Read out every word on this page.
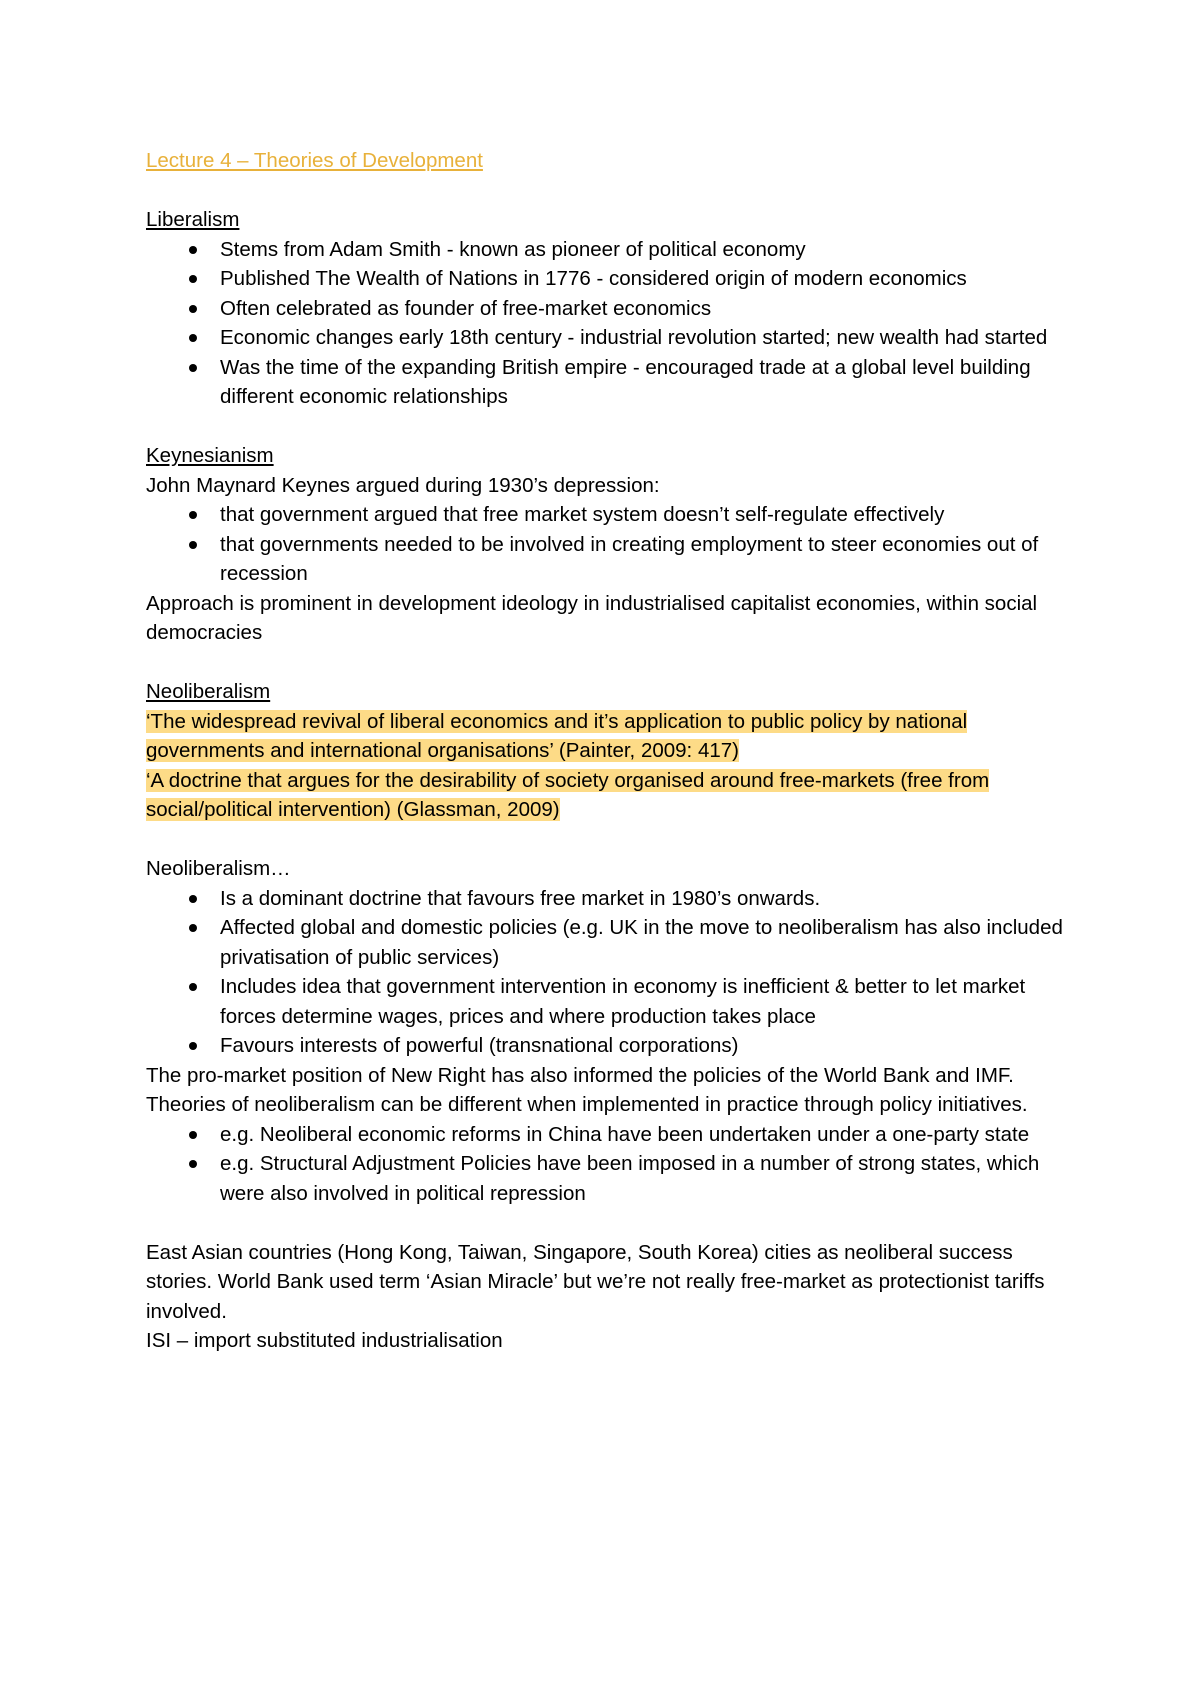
Lecture 4 – Theories of Development

Liberalism

Stems from Adam Smith - known as pioneer of political economy
Published The Wealth of Nations in 1776 - considered origin of modern economics
Often celebrated as founder of free-market economics
Economic changes early 18th century - industrial revolution started; new wealth had started
Was the time of the expanding British empire - encouraged trade at a global level building different economic relationships

Keynesianism

John Maynard Keynes argued during 1930’s depression:

that government argued that free market system doesn’t self-regulate effectively
that governments needed to be involved in creating employment to steer economies out of recession

Approach is prominent in development ideology in industrialised capitalist economies, within social democracies

Neoliberalism

‘The widespread revival of liberal economics and it’s application to public policy by national governments and international organisations’ (Painter, 2009: 417)

‘A doctrine that argues for the desirability of society organised around free-markets (free from social/political intervention) (Glassman, 2009)

Neoliberalism…

Is a dominant doctrine that favours free market in 1980’s onwards.
Affected global and domestic policies (e.g. UK in the move to neoliberalism has also included privatisation of public services)
Includes idea that government intervention in economy is inefficient & better to let market forces determine wages, prices and where production takes place
Favours interests of powerful (transnational corporations)

The pro-market position of New Right has also informed the policies of the World Bank and IMF.

Theories of neoliberalism can be different when implemented in practice through policy initiatives.

e.g. Neoliberal economic reforms in China have been undertaken under a one-party state
e.g. Structural Adjustment Policies have been imposed in a number of strong states, which were also involved in political repression

East Asian countries (Hong Kong, Taiwan, Singapore, South Korea) cities as neoliberal success stories. World Bank used term ‘Asian Miracle’ but we’re not really free-market as protectionist tariffs involved.

ISI – import substituted industrialisation
